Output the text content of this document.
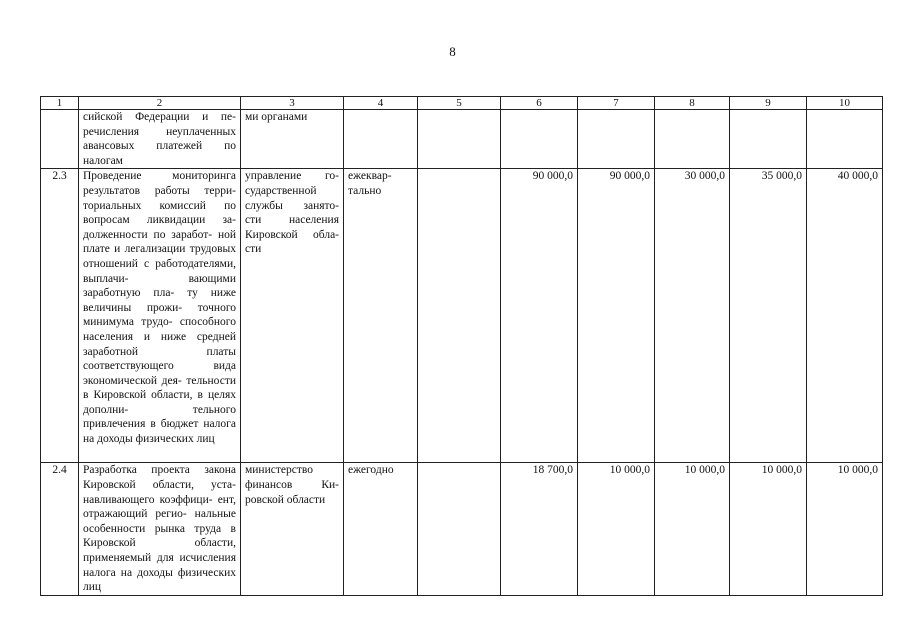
8
1	2	3	4	5	6	7	8	9	10
	сийской Федерации и пе- речисления неуплаченных авансовых платежей по налогам	ми органами							
2.3	Проведение мониторинга результатов работы терри- ториальных комиссий по вопросам ликвидации за- долженности по заработ- ной плате и легализации трудовых отношений с работодателями, выплачи- вающими заработную пла- ту ниже величины прожи- точного минимума трудо- способного населения и ниже средней заработной платы соответствующего вида экономической дея- тельности в Кировской области, в целях дополни- тельного привлечения в бюджет налога на доходы физических лиц	управление го- сударственной службы занято- сти населения Кировской обла- сти	ежеквар- тально		90 000,0	90 000,0	30 000,0	35 000,0	40 000,0
2.4	Разработка проекта закона Кировской области, уста- навливающего коэффици- ент, отражающий регио- нальные особенности рынка труда в Кировской области, применяемый для исчисления налога на доходы физических лиц	министерство финансов Ки- ровской области	ежегодно		18 700,0	10 000,0	10 000,0	10 000,0	10 000,0
